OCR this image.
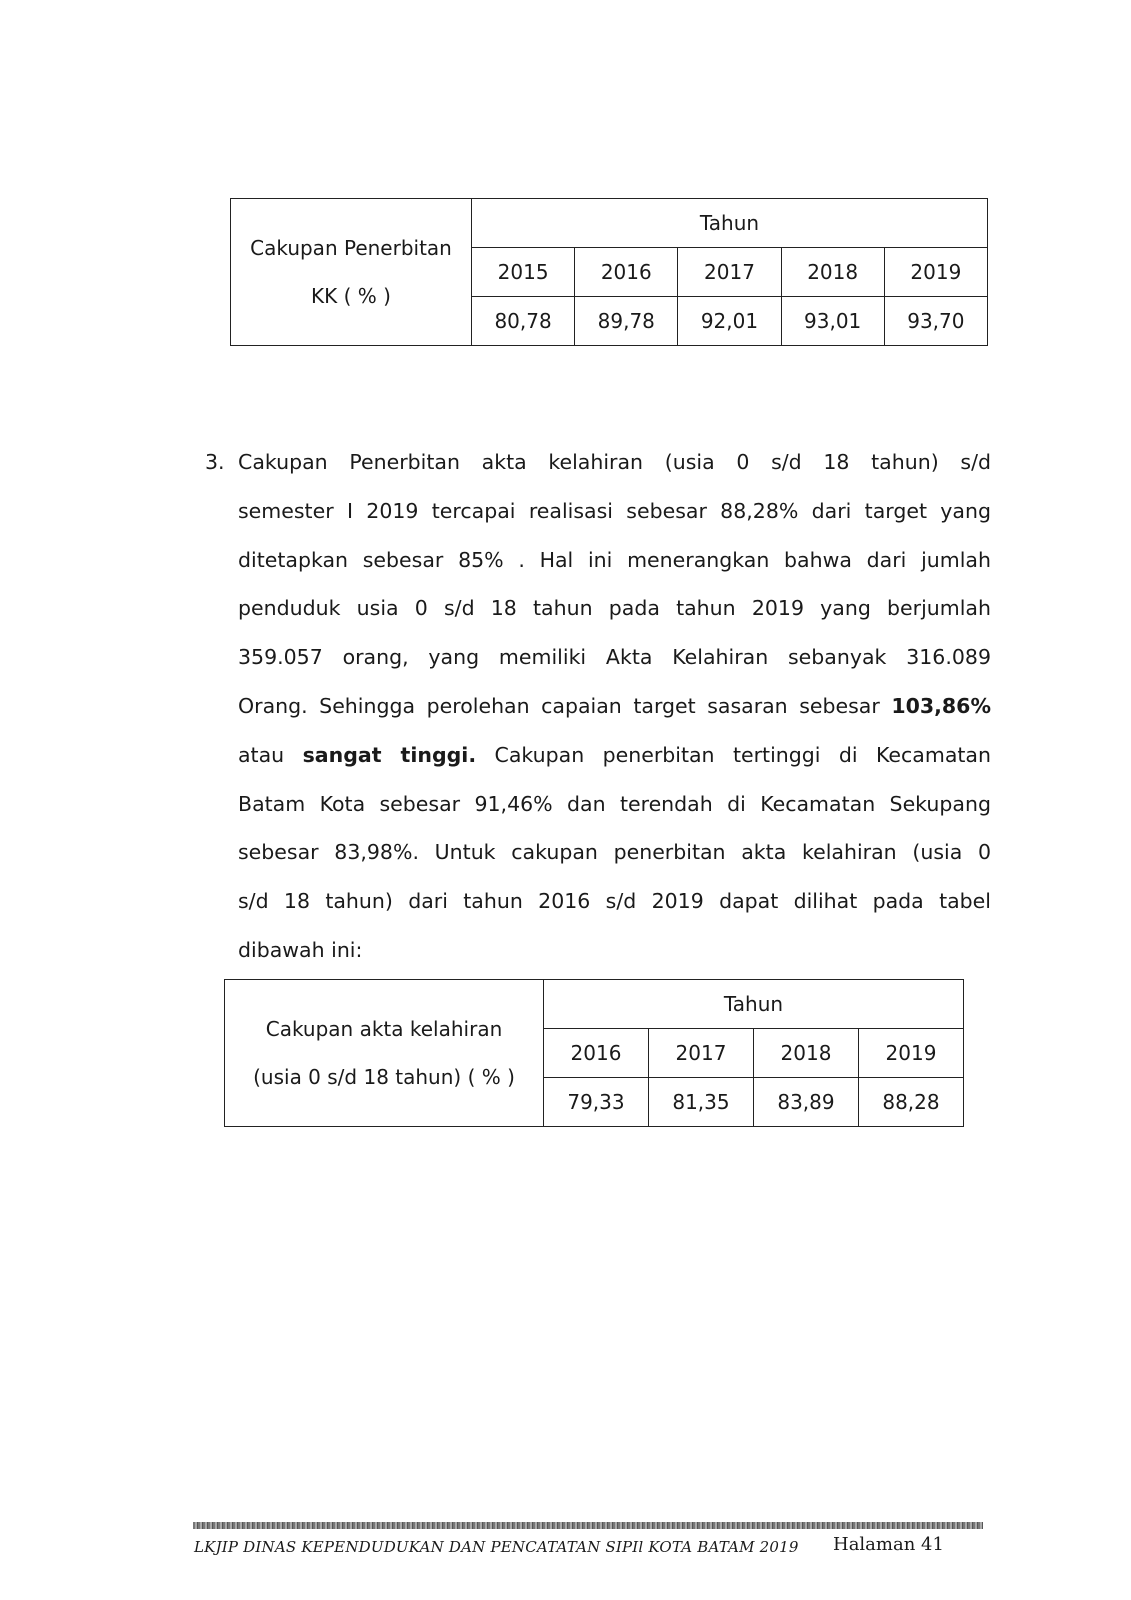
Cakupan Penerbitan
KK ( % )	Tahun				
	2015	2016	2017	2018	2019
	80,78	89,78	92,01	93,01	93,70
3. Cakupan Penerbitan akta kelahiran (usia 0 s/d 18 tahun) s/d
semester I 2019 tercapai realisasi sebesar 88,28% dari target yang
ditetapkan sebesar 85% . Hal ini menerangkan bahwa dari jumlah
penduduk usia 0 s/d 18 tahun pada tahun 2019 yang berjumlah
359.057 orang, yang memiliki Akta Kelahiran sebanyak 316.089
Orang. Sehingga perolehan capaian target sasaran sebesar 103,86%
atau sangat tinggi. Cakupan penerbitan tertinggi di Kecamatan
Batam Kota sebesar 91,46% dan terendah di Kecamatan Sekupang
sebesar 83,98%. Untuk cakupan penerbitan akta kelahiran (usia 0
s/d 18 tahun) dari tahun 2016 s/d 2019 dapat dilihat pada tabel
dibawah ini:
Cakupan akta kelahiran
(usia 0 s/d 18 tahun) ( % )	Tahun			
	2016	2017	2018	2019
	79,33	81,35	83,89	88,28
LKJIP DINAS KEPENDUDUKAN DAN PENCATATAN SIPIl KOTA BATAM 2019 Halaman 41
